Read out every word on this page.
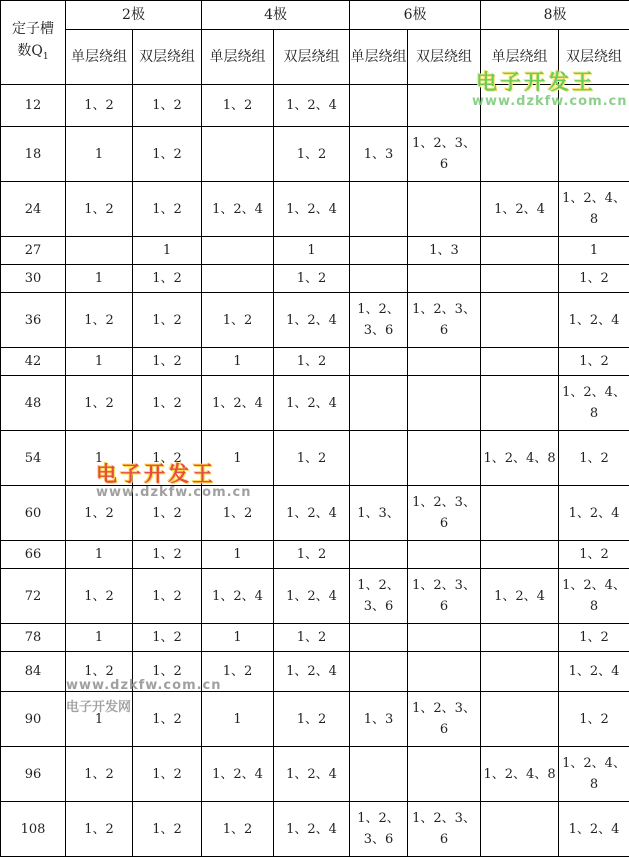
定子槽
数$Q_1$	2极		4极		6极		8极	
	单层绕组	双层绕组	单层绕组	双层绕组	单层绕组	双层绕组	单层绕组	双层绕组
12	1、2	1、2	1、2	1、2、4				
18	1	1、2		1、2	1、3	1、2、3、6		
24	1、2	1、2	1、2、4	1、2、4			1、2、4	1、2、4、8
27		1		1		1、3		1
30	1	1、2		1、2				1、2
36	1、2	1、2	1、2	1、2、4	1、2、3、6	1、2、3、6		1、2、4
42	1	1、2	1	1、2				1、2
48	1、2	1、2	1、2、4	1、2、4				1、2、4、8
54	1	1、2	1	1、2			1、2、4、8	1、2
60	1、2	1、2	1、2	1、2、4	1、3、	1、2、3、6		1、2、4
66	1	1、2	1	1、2				1、2
72	1、2	1、2	1、2、4	1、2、4	1、2、3、6	1、2、3、6	1、2、4	1、2、4、8
78	1	1、2	1	1、2				1、2
84	1、2	1、2	1、2	1、2、4				1、2、4
90	1	1、2	1	1、2	1、3	1、2、3、6		1、2
96	1、2	1、2	1、2、4	1、2、4			1、2、4、8	1、2、4、8
108	1、2	1、2	1、2	1、2、4	1、2、3、6	1、2、3、6		1、2、4
电子开发王
www.dzkfw.com.cn
电子开发王
www.dzkfw.com.cn
www.dzkfw.com.cn
电子开发网
